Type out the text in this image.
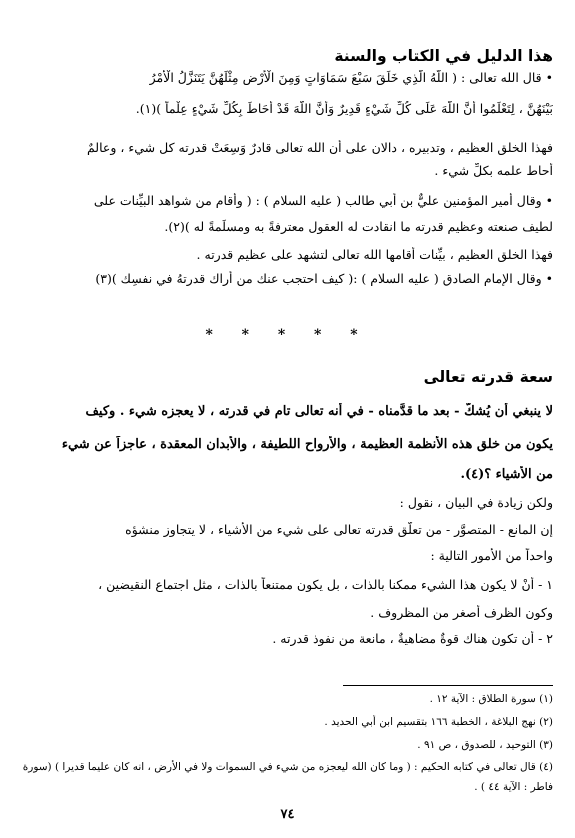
هذا الدليل في الكتاب والسنة
• قال الله تعالى : ( اللَّهُ الَّذِي خَلَقَ سَبْعَ سَمَاوَاتٍ وَمِنَ الْأَرْضِ مِثْلَهُنَّ يَتَنَزَّلُ الْأَمْرُ
بَيْنَهُنَّ ، لِتَعْلَمُوا أَنَّ اللَّهَ عَلَى كُلِّ شَيْءٍ قَدِيرٌ وَأَنَّ اللَّهَ قَدْ أَحَاطَ بِكُلِّ شَيْءٍ عِلْماً )(١).
فهذا الخلق العظيم ، وتدبيره ، دالان على أن الله تعالى قادرٌ وَسِعَتْ قدرته كل شيء ، وعالمٌ
أحاط علمه بكلِّ شيء .
• وقال أمير المؤمنين عليٌّ بن أبي طالب ( عليه السلام ) : ( وأقام من شواهد البيِّنات على
لطيف صنعته وعظيم قدرته ما انقادت له العقول معترفةً به ومسلِّمةً له )(٢).
فهذا الخلق العظيم ، بيِّنات أقامها الله تعالى لتشهد على عظيم قدرته .
• وقال الإمام الصادق ( عليه السلام ) :( كيف احتجب عنك من أراك قدرتهُ في نفسِك )(٣)
* * * * *
سعة قدرته تعالى
لا ينبغي أن يُشكَّ - بعد ما قدَّمناه - في أنه تعالى تام في قدرته ، لا يعجزه شيء . وكيف
يكون من خلق هذه الأنظمة العظيمة ، والأرواح اللطيفة ، والأبدان المعقدة ، عاجزاً عن شيء
من الأشياء ؟(٤).
ولكن زيادة في البيان ، نقول :
إن المانع - المتصوَّر - من تعلُّق قدرته تعالى على شيء من الأشياء ، لا يتجاوز منشؤه
واحداً من الأمور التالية :
١ - أنْ لا يكون هذا الشيء ممكنا بالذات ، بل يكون ممتنعاً بالذات ، مثل اجتماع النقيضين ،
وكون الظرف أصغر من المظروف .
٢ - أن تكون هناك قوةٌ مضاهيةٌ ، مانعة من نفوذ قدرته .
(١) سورة الطلاق : الآية ١٢ .
(٢) نهج البلاغة ، الخطبة ١٦٦ بتقسيم ابن أبي الحديد .
(٣) التوحيد ، للصدوق ، ص ٩١ .
(٤) قال تعالى في كتابه الحكيم : ( وما كان الله ليعجزه من شيء في السموات ولا في الأرض ، انه كان عليما قديرا ) (سورة
فاطر : الآية ٤٤ ) .
٧٤
